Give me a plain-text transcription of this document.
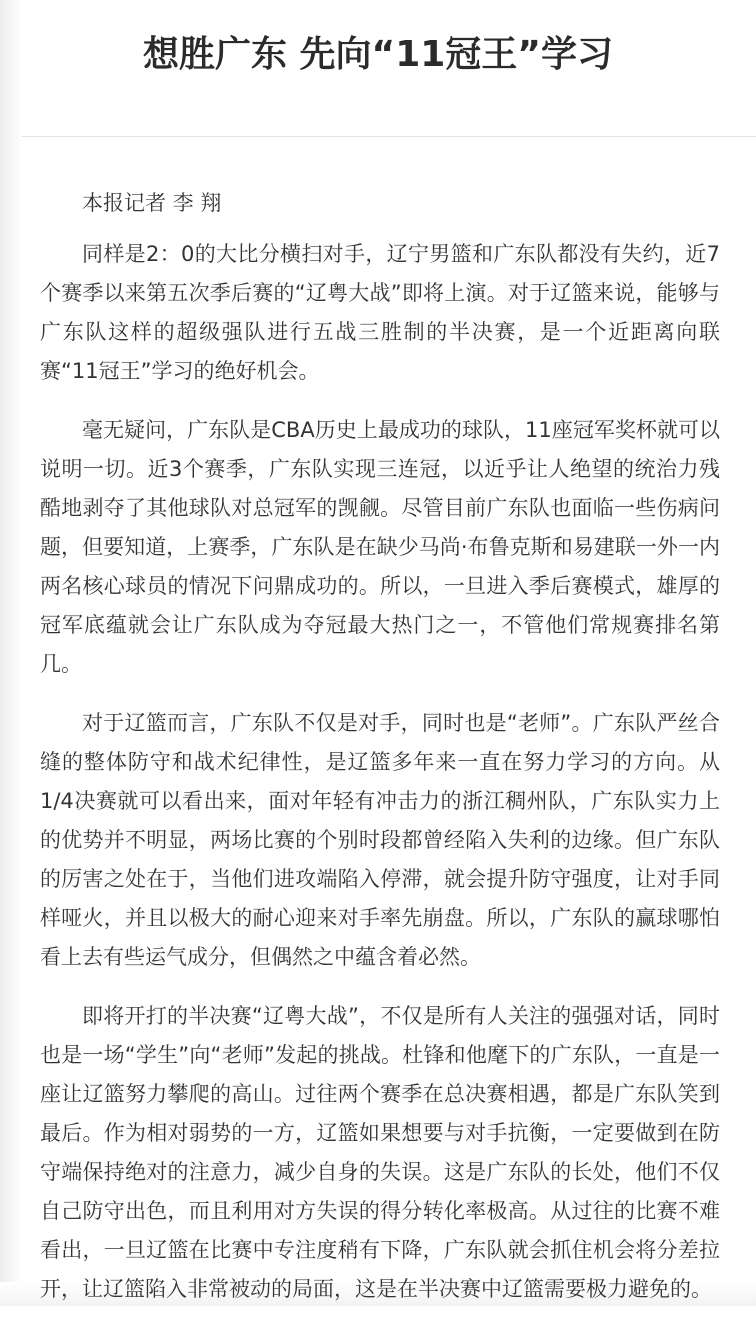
想胜广东 先向“11冠王”学习

本报记者 李 翔

同样是2：0的大比分横扫对手，辽宁男篮和广东队都没有失约，近7个赛季以来第五次季后赛的“辽粤大战”即将上演。对于辽篮来说，能够与广东队这样的超级强队进行五战三胜制的半决赛，是一个近距离向联赛“11冠王”学习的绝好机会。

毫无疑问，广东队是CBA历史上最成功的球队，11座冠军奖杯就可以说明一切。近3个赛季，广东队实现三连冠，以近乎让人绝望的统治力残酷地剥夺了其他球队对总冠军的觊觎。尽管目前广东队也面临一些伤病问题，但要知道，上赛季，广东队是在缺少马尚·布鲁克斯和易建联一外一内两名核心球员的情况下问鼎成功的。所以，一旦进入季后赛模式，雄厚的冠军底蕴就会让广东队成为夺冠最大热门之一，不管他们常规赛排名第几。

对于辽篮而言，广东队不仅是对手，同时也是“老师”。广东队严丝合缝的整体防守和战术纪律性，是辽篮多年来一直在努力学习的方向。从1/4决赛就可以看出来，面对年轻有冲击力的浙江稠州队，广东队实力上的优势并不明显，两场比赛的个别时段都曾经陷入失利的边缘。但广东队的厉害之处在于，当他们进攻端陷入停滞，就会提升防守强度，让对手同样哑火，并且以极大的耐心迎来对手率先崩盘。所以，广东队的赢球哪怕看上去有些运气成分，但偶然之中蕴含着必然。

即将开打的半决赛“辽粤大战”，不仅是所有人关注的强强对话，同时也是一场“学生”向“老师”发起的挑战。杜锋和他麾下的广东队，一直是一座让辽篮努力攀爬的高山。过往两个赛季在总决赛相遇，都是广东队笑到最后。作为相对弱势的一方，辽篮如果想要与对手抗衡，一定要做到在防守端保持绝对的注意力，减少自身的失误。这是广东队的长处，他们不仅自己防守出色，而且利用对方失误的得分转化率极高。从过往的比赛不难看出，一旦辽篮在比赛中专注度稍有下降，广东队就会抓住机会将分差拉开，让辽篮陷入非常被动的局面，这是在半决赛中辽篮需要极力避免的。
